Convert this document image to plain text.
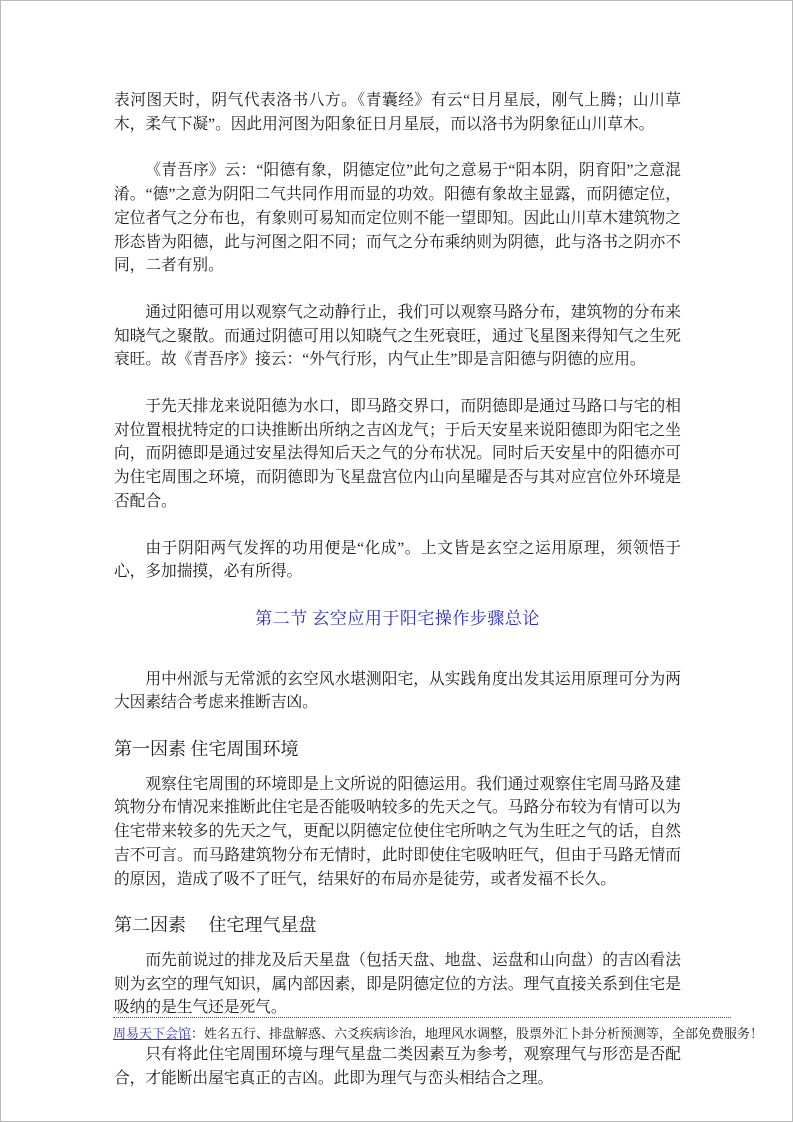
表河图天时，阴气代表洛书八方。《青囊经》有云“日月星辰，刚气上腾；山川草木，柔气下凝”。因此用河图为阳象征日月星辰，而以洛书为阴象征山川草木。

《青吾序》云：“阳德有象，阴德定位”此句之意易于“阳本阴，阴育阳”之意混淆。“德”之意为阴阳二气共同作用而显的功效。阳德有象故主显露，而阴德定位，定位者气之分布也，有象则可易知而定位则不能一望即知。因此山川草木建筑物之形态皆为阳德，此与河图之阳不同；而气之分布乘纳则为阴德，此与洛书之阴亦不同，二者有别。

通过阳德可用以观察气之动静行止，我们可以观察马路分布，建筑物的分布来知晓气之聚散。而通过阴德可用以知晓气之生死衰旺，通过飞星图来得知气之生死衰旺。故《青吾序》接云：“外气行形，内气止生”即是言阳德与阴德的应用。

于先天排龙来说阳德为水口，即马路交界口，而阴德即是通过马路口与宅的相对位置根扰特定的口诀推断出所纳之吉凶龙气；于后天安星来说阳德即为阳宅之坐向，而阴德即是通过安星法得知后天之气的分布状况。同时后天安星中的阳德亦可为住宅周围之环境，而阴德即为飞星盘宫位内山向星曜是否与其对应宫位外环境是否配合。

由于阴阳两气发挥的功用便是“化成”。上文皆是玄空之运用原理，须领悟于心，多加揣摸，必有所得。

第二节 玄空应用于阳宅操作步骤总论

用中州派与无常派的玄空风水堪测阳宅，从实践角度出发其运用原理可分为两大因素结合考虑来推断吉凶。

第一因素 住宅周围环境

观察住宅周围的环境即是上文所说的阳德运用。我们通过观察住宅周马路及建筑物分布情况来推断此住宅是否能吸呐较多的先天之气。马路分布较为有情可以为住宅带来较多的先天之气，更配以阴德定位使住宅所呐之气为生旺之气的话，自然吉不可言。而马路建筑物分布无情时，此时即使住宅吸呐旺气，但由于马路无情而的原因，造成了吸不了旺气，结果好的布局亦是徒劳，或者发福不长久。

第二因素　 住宅理气星盘

而先前说过的排龙及后天星盘（包括天盘、地盘、运盘和山向盘）的吉凶看法则为玄空的理气知识，属内部因素，即是阴德定位的方法。理气直接关系到住宅是吸纳的是生气还是死气。

只有将此住宅周围环境与理气星盘二类因素互为参考，观察理气与形峦是否配合，才能断出屋宅真正的吉凶。此即为理气与峦头相结合之理。

周易天下会馆：姓名五行、排盘解惑、六爻疾病诊治，地理风水调整，股票外汇卜卦分析预测等，全部免费服务！
